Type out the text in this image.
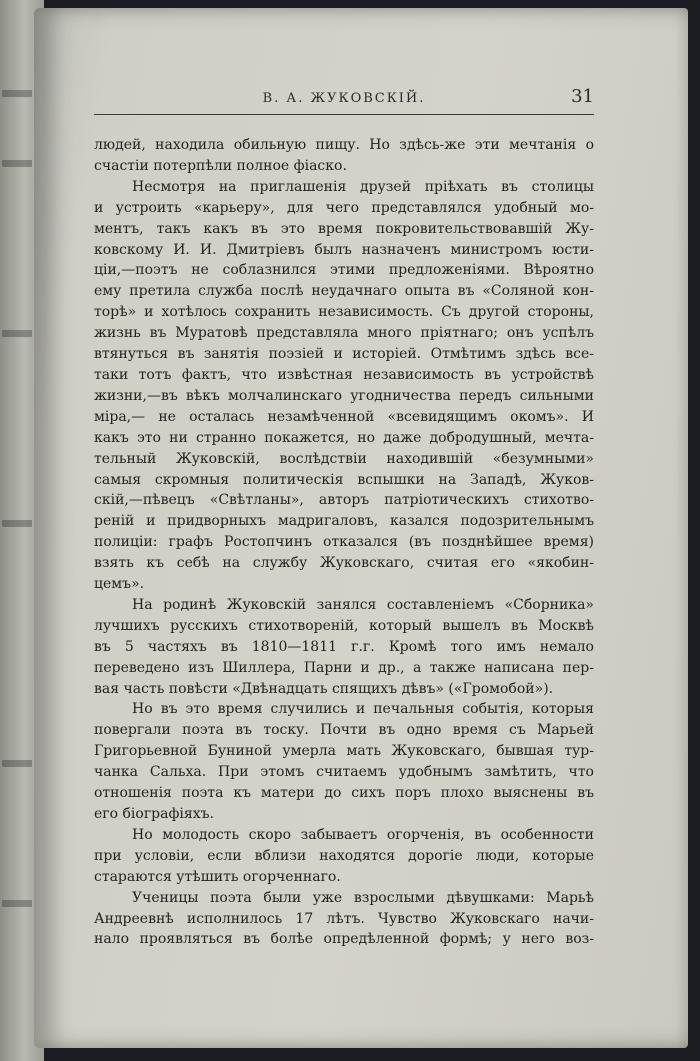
В. А. ЖУКОВСКІЙ.	31
людей, находила обильную пищу. Но здѣсь-же эти мечтанія о
счастіи потерпѣли полное фіаско.
Несмотря на приглашенія друзей пріѣхать въ столицы
и устроить «карьеру», для чего представлялся удобный мо-
ментъ, такъ какъ въ это время покровительствовавшій Жу-
ковскому И. И. Дмитріевъ былъ назначенъ министромъ юсти-
ціи,—поэтъ не соблазнился этими предложеніями. Вѣроятно
ему претила служба послѣ неудачнаго опыта въ «Соляной кон-
торѣ» и хотѣлось сохранить независимость. Съ другой стороны,
жизнь въ Муратовѣ представляла много пріятнаго; онъ успѣлъ
втянуться въ занятія поэзіей и исторіей. Отмѣтимъ здѣсь все-
таки тотъ фактъ, что извѣстная независимость въ устройствѣ
жизни,—въ вѣкъ молчалинскаго угодничества передъ сильными
міра,— не осталась незамѣченной «всевидящимъ окомъ». И
какъ это ни странно покажется, но даже добродушный, мечта-
тельный Жуковскій, вослѣдствіи находившій «безумными»
самыя скромныя политическія вспышки на Западѣ, Жуков-
скій,—пѣвецъ «Свѣтланы», авторъ патріотическихъ стихотво-
реній и придворныхъ мадригаловъ, казался подозрительнымъ
полиціи: графъ Ростопчинъ отказался (въ позднѣйшее время)
взять къ себѣ на службу Жуковскаго, считая его «якобин-
цемъ».
На родинѣ Жуковскій занялся составленіемъ «Сборника»
лучшихъ русскихъ стихотвореній, который вышелъ въ Москвѣ
въ 5 частяхъ въ 1810—1811 г.г. Кромѣ того имъ немало
переведено изъ Шиллера, Парни и др., а также написана пер-
вая часть повѣсти «Двѣнадцать спящихъ дѣвъ» («Громобой»).
Но въ это время случились и печальныя событія, которыя
повергали поэта въ тоску. Почти въ одно время съ Марьей
Григорьевной Буниной умерла мать Жуковскаго, бывшая тур-
чанка Сальха. При этомъ считаемъ удобнымъ замѣтить, что
отношенія поэта къ матери до сихъ поръ плохо выяснены въ
его біографіяхъ.
Но молодость скоро забываетъ огорченія, въ особенности
при условіи, если вблизи находятся дорогіе люди, которые
стараются утѣшить огорченнаго.
Ученицы поэта были уже взрослыми дѣвушками: Марьѣ
Андреевнѣ исполнилось 17 лѣтъ. Чувство Жуковскаго начи-
нало проявляться въ болѣе опредѣленной формѣ; у него воз-
